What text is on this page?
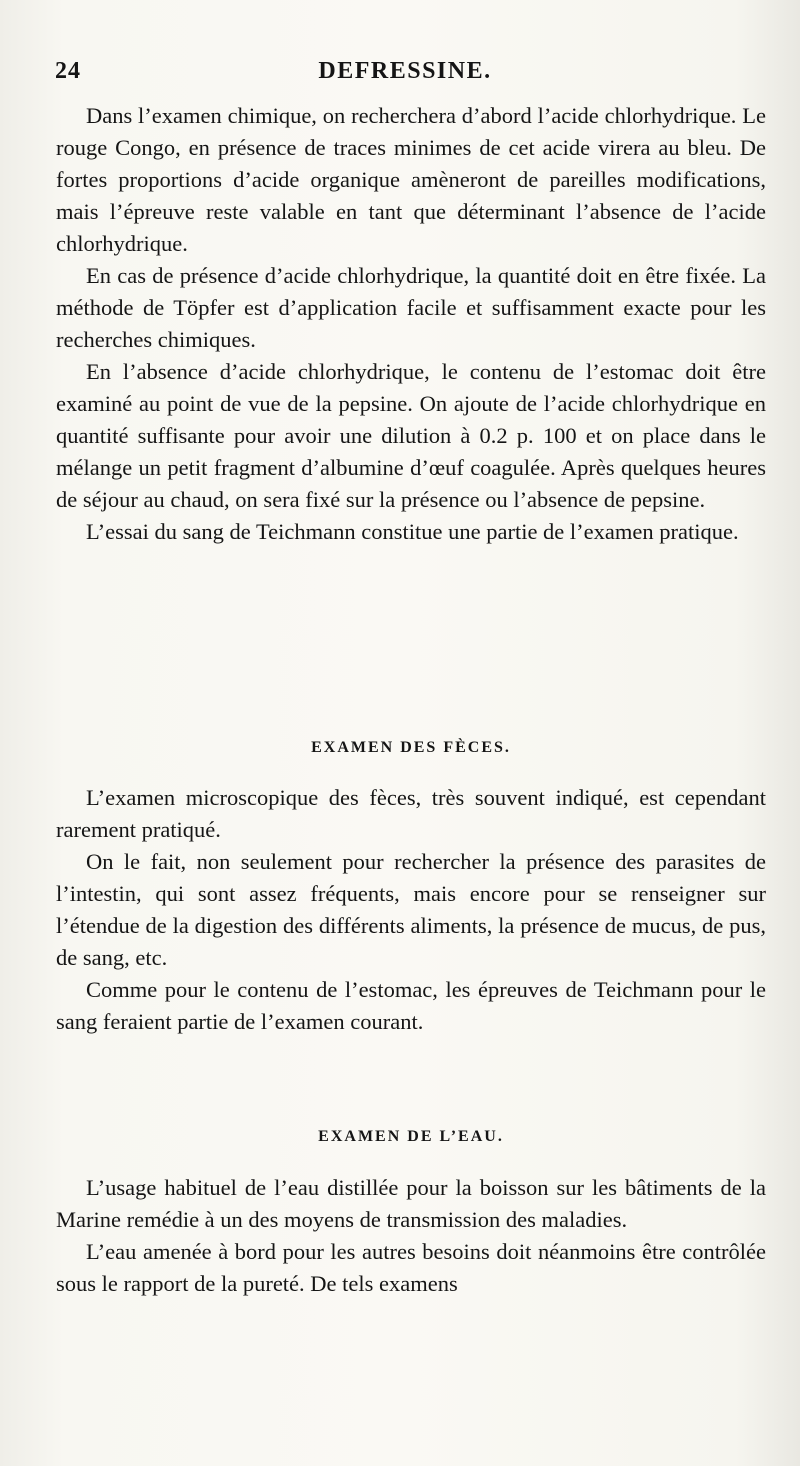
24	DEFRESSINE.

Dans l’examen chimique, on recherchera d’abord l’acide chlorhydrique. Le rouge Congo, en présence de traces minimes de cet acide virera au bleu. De fortes proportions d’acide organique amèneront de pareilles modifications, mais l’épreuve reste valable en tant que déterminant l’absence de l’acide chlorhydrique.

En cas de présence d’acide chlorhydrique, la quantité doit en être fixée. La méthode de Töpfer est d’application facile et suffisamment exacte pour les recherches chimiques.

En l’absence d’acide chlorhydrique, le contenu de l’estomac doit être examiné au point de vue de la pepsine. On ajoute de l’acide chlorhydrique en quantité suffisante pour avoir une dilution à 0.2 p. 100 et on place dans le mélange un petit fragment d’albumine d’œuf coagulée. Après quelques heures de séjour au chaud, on sera fixé sur la présence ou l’absence de pepsine.

L’essai du sang de Teichmann constitue une partie de l’examen pratique.

EXAMEN DES FÈCES.

L’examen microscopique des fèces, très souvent indiqué, est cependant rarement pratiqué.

On le fait, non seulement pour rechercher la présence des parasites de l’intestin, qui sont assez fréquents, mais encore pour se renseigner sur l’étendue de la digestion des différents aliments, la présence de mucus, de pus, de sang, etc.

Comme pour le contenu de l’estomac, les épreuves de Teichmann pour le sang feraient partie de l’examen courant.

EXAMEN DE L’EAU.

L’usage habituel de l’eau distillée pour la boisson sur les bâtiments de la Marine remédie à un des moyens de transmission des maladies.

L’eau amenée à bord pour les autres besoins doit néanmoins être contrôlée sous le rapport de la pureté. De tels examens
